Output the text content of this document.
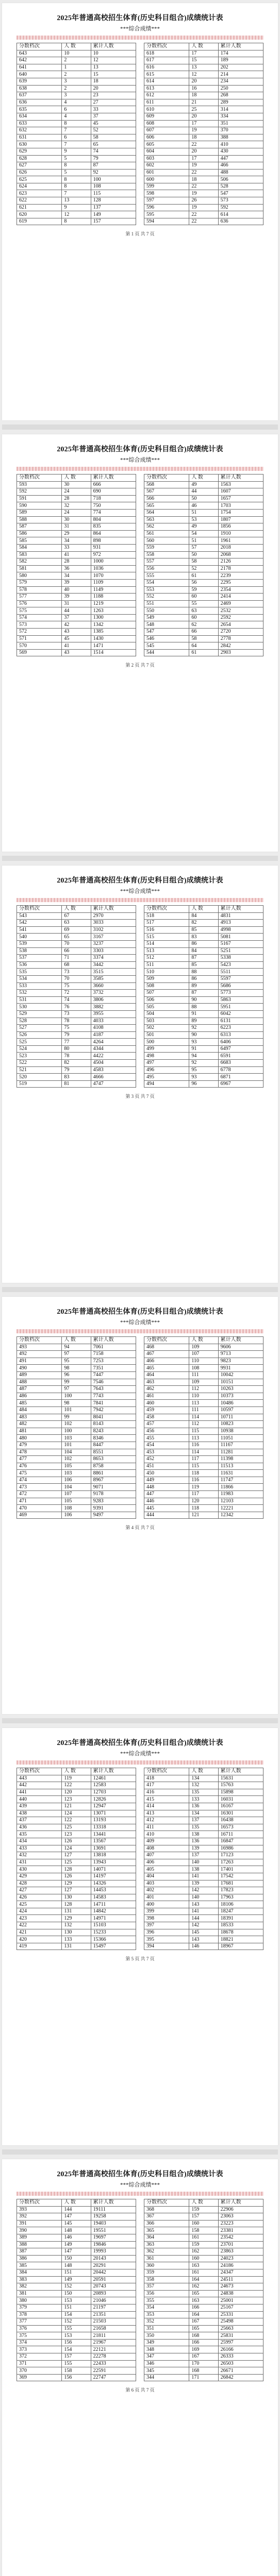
2025年普通高校招生体育(历史科目组合)成绩统计表
***综合成绩***
分数档次	人 数	累计人数
643	10	10
642	2	12
641	1	13
640	2	15
639	3	18
638	2	20
637	3	23
636	4	27
635	6	33
634	4	37
633	8	45
632	7	52
631	6	58
630	7	65
629	9	74
628	5	79
627	8	87
626	5	92
625	8	100
624	8	108
623	7	115
622	13	128
621	9	137
620	12	149
619	8	157
分数档次	人 数	累计人数
618	17	174
617	15	189
616	13	202
615	12	214
614	20	234
613	16	250
612	18	268
611	21	289
610	25	314
609	20	334
608	17	351
607	19	370
606	18	388
605	22	410
604	20	430
603	17	447
602	19	466
601	22	488
600	18	506
599	22	528
598	19	547
597	26	573
596	19	592
595	22	614
594	22	636
第 1 页 共 7 页
2025年普通高校招生体育(历史科目组合)成绩统计表
***综合成绩***
分数档次	人 数	累计人数
593	30	666
592	24	690
591	28	718
590	32	750
589	24	774
588	30	804
587	31	835
586	29	864
585	34	898
584	33	931
583	41	972
582	28	1000
581	36	1036
580	34	1070
579	39	1109
578	40	1149
577	39	1188
576	31	1219
575	44	1263
574	37	1300
573	42	1342
572	43	1385
571	45	1430
570	41	1471
569	43	1514
分数档次	人 数	累计人数
568	49	1563
567	44	1607
566	50	1657
565	46	1703
564	51	1754
563	53	1807
562	49	1856
561	54	1910
560	51	1961
559	57	2018
558	50	2068
557	58	2126
556	52	2178
555	61	2239
554	56	2295
553	59	2354
552	60	2414
551	55	2469
550	63	2532
549	60	2592
548	62	2654
547	66	2720
546	58	2778
545	64	2842
544	61	2903
第 2 页 共 7 页
2025年普通高校招生体育(历史科目组合)成绩统计表
***综合成绩***
分数档次	人 数	累计人数
543	67	2970
542	63	3033
541	69	3102
540	65	3167
539	70	3237
538	66	3303
537	71	3374
536	68	3442
535	73	3515
534	70	3585
533	75	3660
532	72	3732
531	74	3806
530	76	3882
529	73	3955
528	78	4033
527	75	4108
526	79	4187
525	77	4264
524	80	4344
523	78	4422
522	82	4504
521	79	4583
520	83	4666
519	81	4747
分数档次	人 数	累计人数
518	84	4831
517	82	4913
516	85	4998
515	83	5081
514	86	5167
513	84	5251
512	87	5338
511	85	5423
510	88	5511
509	86	5597
508	89	5686
507	87	5773
506	90	5863
505	88	5951
504	91	6042
503	89	6131
502	92	6223
501	90	6313
500	93	6406
499	91	6497
498	94	6591
497	92	6683
496	95	6778
495	93	6871
494	96	6967
第 3 页 共 7 页
2025年普通高校招生体育(历史科目组合)成绩统计表
***综合成绩***
分数档次	人 数	累计人数
493	94	7061
492	97	7158
491	95	7253
490	98	7351
489	96	7447
488	99	7546
487	97	7643
486	100	7743
485	98	7841
484	101	7942
483	99	8041
482	102	8143
481	100	8243
480	103	8346
479	101	8447
478	104	8551
477	102	8653
476	105	8758
475	103	8861
474	106	8967
473	104	9071
472	107	9178
471	105	9283
470	108	9391
469	106	9497
分数档次	人 数	累计人数
468	109	9606
467	107	9713
466	110	9823
465	108	9931
464	111	10042
463	109	10151
462	112	10263
461	110	10373
460	113	10486
459	111	10597
458	114	10711
457	112	10823
456	115	10938
455	113	11051
454	116	11167
453	114	11281
452	117	11398
451	115	11513
450	118	11631
449	116	11747
448	119	11866
447	117	11983
446	120	12103
445	118	12221
444	121	12342
第 4 页 共 7 页
2025年普通高校招生体育(历史科目组合)成绩统计表
***综合成绩***
分数档次	人 数	累计人数
443	119	12461
442	122	12583
441	120	12703
440	123	12826
439	121	12947
438	124	13071
437	122	13193
436	125	13318
435	123	13441
434	126	13567
433	124	13691
432	127	13818
431	125	13943
430	128	14071
429	126	14197
428	129	14326
427	127	14453
426	130	14583
425	128	14711
424	131	14842
423	129	14971
422	132	15103
421	130	15233
420	133	15366
419	131	15497
分数档次	人 数	累计人数
418	134	15631
417	132	15763
416	135	15898
415	133	16031
414	136	16167
413	134	16301
412	137	16438
411	135	16573
410	138	16711
409	136	16847
408	139	16986
407	137	17123
406	140	17263
405	138	17401
404	141	17542
403	139	17681
402	142	17823
401	140	17963
400	143	18106
399	141	18247
398	144	18391
397	142	18533
396	145	18678
395	143	18821
394	146	18967
第 5 页 共 7 页
2025年普通高校招生体育(历史科目组合)成绩统计表
***综合成绩***
分数档次	人 数	累计人数
393	144	19111
392	147	19258
391	145	19403
390	148	19551
389	146	19697
388	149	19846
387	147	19993
386	150	20143
385	148	20291
384	151	20442
383	149	20591
382	152	20743
381	150	20893
380	153	21046
379	151	21197
378	154	21351
377	152	21503
376	155	21658
375	153	21811
374	156	21967
373	154	22121
372	157	22278
371	155	22433
370	158	22591
369	156	22747
分数档次	人 数	累计人数
368	159	22906
367	157	23063
366	160	23223
365	158	23381
364	161	23542
363	159	23701
362	162	23863
361	160	24023
360	163	24186
359	161	24347
358	164	24511
357	162	24673
356	165	24838
355	163	25001
354	166	25167
353	164	25331
352	167	25498
351	165	25663
350	168	25831
349	166	25997
348	169	26166
347	167	26333
346	170	26503
345	168	26671
344	171	26842
第 6 页 共 7 页
